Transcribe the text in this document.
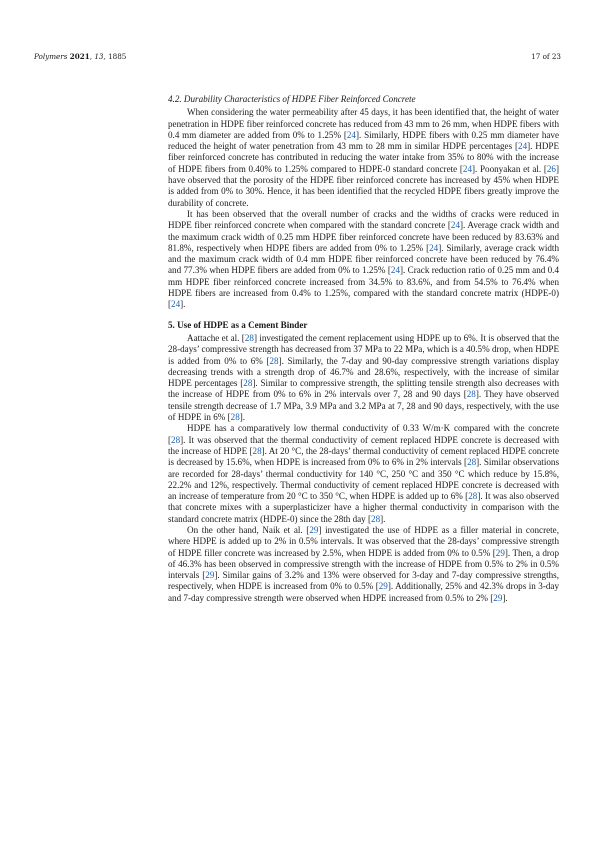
Polymers 2021, 13, 1885	17 of 23
4.2. Durability Characteristics of HDPE Fiber Reinforced Concrete

When considering the water permeability after 45 days, it has been identified that, the height of water penetration in HDPE fiber reinforced concrete has reduced from 43 mm to 26 mm, when HDPE fibers with 0.4 mm diameter are added from 0% to 1.25% [24]. Similarly, HDPE fibers with 0.25 mm diameter have reduced the height of water penetration from 43 mm to 28 mm in similar HDPE percentages [24]. HDPE fiber reinforced concrete has contributed in reducing the water intake from 35% to 80% with the increase of HDPE fibers from 0.40% to 1.25% compared to HDPE-0 standard concrete [24]. Poonyakan et al. [26] have observed that the porosity of the HDPE fiber reinforced concrete has increased by 45% when HDPE is added from 0% to 30%. Hence, it has been identified that the recycled HDPE fibers greatly improve the durability of concrete.

It has been observed that the overall number of cracks and the widths of cracks were reduced in HDPE fiber reinforced concrete when compared with the standard concrete [24]. Average crack width and the maximum crack width of 0.25 mm HDPE fiber reinforced concrete have been reduced by 83.63% and 81.8%, respectively when HDPE fibers are added from 0% to 1.25% [24]. Similarly, average crack width and the maximum crack width of 0.4 mm HDPE fiber reinforced concrete have been reduced by 76.4% and 77.3% when HDPE fibers are added from 0% to 1.25% [24]. Crack reduction ratio of 0.25 mm and 0.4 mm HDPE fiber reinforced concrete increased from 34.5% to 83.6%, and from 54.5% to 76.4% when HDPE fibers are increased from 0.4% to 1.25%, compared with the standard concrete matrix (HDPE-0) [24].

5. Use of HDPE as a Cement Binder

Aattache et al. [28] investigated the cement replacement using HDPE up to 6%. It is observed that the 28-days’ compressive strength has decreased from 37 MPa to 22 MPa, which is a 40.5% drop, when HDPE is added from 0% to 6% [28]. Similarly, the 7-day and 90-day compressive strength variations display decreasing trends with a strength drop of 46.7% and 28.6%, respectively, with the increase of similar HDPE percentages [28]. Similar to compressive strength, the splitting tensile strength also decreases with the increase of HDPE from 0% to 6% in 2% intervals over 7, 28 and 90 days [28]. They have observed tensile strength decrease of 1.7 MPa, 3.9 MPa and 3.2 MPa at 7, 28 and 90 days, respectively, with the use of HDPE in 6% [28].

HDPE has a comparatively low thermal conductivity of 0.33 W/m·K compared with the concrete [28]. It was observed that the thermal conductivity of cement replaced HDPE concrete is decreased with the increase of HDPE [28]. At 20 °C, the 28-days’ thermal conductivity of cement replaced HDPE concrete is decreased by 15.6%, when HDPE is increased from 0% to 6% in 2% intervals [28]. Similar observations are recorded for 28-days’ thermal conductivity for 140 °C, 250 °C and 350 °C which reduce by 15.8%, 22.2% and 12%, respectively. Thermal conductivity of cement replaced HDPE concrete is decreased with an increase of temperature from 20 °C to 350 °C, when HDPE is added up to 6% [28]. It was also observed that concrete mixes with a superplasticizer have a higher thermal conductivity in comparison with the standard concrete matrix (HDPE-0) since the 28th day [28].

On the other hand, Naik et al. [29] investigated the use of HDPE as a filler material in concrete, where HDPE is added up to 2% in 0.5% intervals. It was observed that the 28-days’ compressive strength of HDPE filler concrete was increased by 2.5%, when HDPE is added from 0% to 0.5% [29]. Then, a drop of 46.3% has been observed in compressive strength with the increase of HDPE from 0.5% to 2% in 0.5% intervals [29]. Similar gains of 3.2% and 13% were observed for 3-day and 7-day compressive strengths, respectively, when HDPE is increased from 0% to 0.5% [29]. Additionally, 25% and 42.3% drops in 3-day and 7-day compressive strength were observed when HDPE increased from 0.5% to 2% [29].
